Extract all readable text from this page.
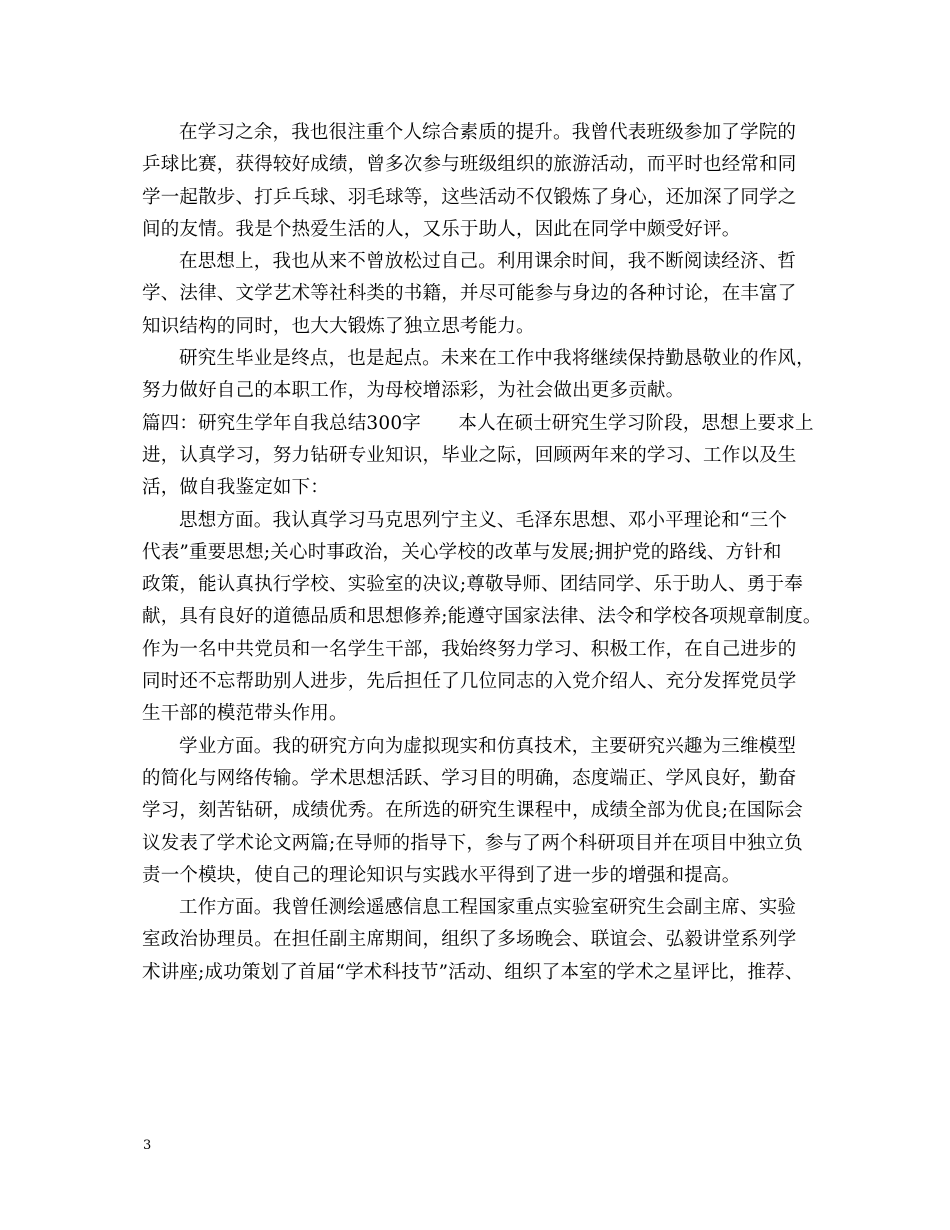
在学习之余，我也很注重个人综合素质的提升。我曾代表班级参加了学院的
乒球比赛，获得较好成绩，曾多次参与班级组织的旅游活动，而平时也经常和同
学一起散步、打乒乓球、羽毛球等，这些活动不仅锻炼了身心，还加深了同学之
间的友情。我是个热爱生活的人，又乐于助人，因此在同学中颇受好评。
在思想上，我也从来不曾放松过自己。利用课余时间，我不断阅读经济、哲
学、法律、文学艺术等社科类的书籍，并尽可能参与身边的各种讨论，在丰富了
知识结构的同时，也大大锻炼了独立思考能力。
研究生毕业是终点，也是起点。未来在工作中我将继续保持勤恳敬业的作风，
努力做好自己的本职工作，为母校增添彩，为社会做出更多贡献。
篇四：研究生学年自我总结300字　　本人在硕士研究生学习阶段，思想上要求上
进，认真学习，努力钻研专业知识，毕业之际，回顾两年来的学习、工作以及生
活，做自我鉴定如下：
思想方面。我认真学习马克思列宁主义、毛泽东思想、邓小平理论和“三个
代表”重要思想;关心时事政治，关心学校的改革与发展;拥护党的路线、方针和
政策，能认真执行学校、实验室的决议;尊敬导师、团结同学、乐于助人、勇于奉
献，具有良好的道德品质和思想修养;能遵守国家法律、法令和学校各项规章制度。
作为一名中共党员和一名学生干部，我始终努力学习、积极工作，在自己进步的
同时还不忘帮助别人进步，先后担任了几位同志的入党介绍人、充分发挥党员学
生干部的模范带头作用。
学业方面。我的研究方向为虚拟现实和仿真技术，主要研究兴趣为三维模型
的简化与网络传输。学术思想活跃、学习目的明确，态度端正、学风良好，勤奋
学习，刻苦钻研，成绩优秀。在所选的研究生课程中，成绩全部为优良;在国际会
议发表了学术论文两篇;在导师的指导下，参与了两个科研项目并在项目中独立负
责一个模块，使自己的理论知识与实践水平得到了进一步的增强和提高。
工作方面。我曾任测绘遥感信息工程国家重点实验室研究生会副主席、实验
室政治协理员。在担任副主席期间，组织了多场晚会、联谊会、弘毅讲堂系列学
术讲座;成功策划了首届“学术科技节”活动、组织了本室的学术之星评比，推荐、
3
